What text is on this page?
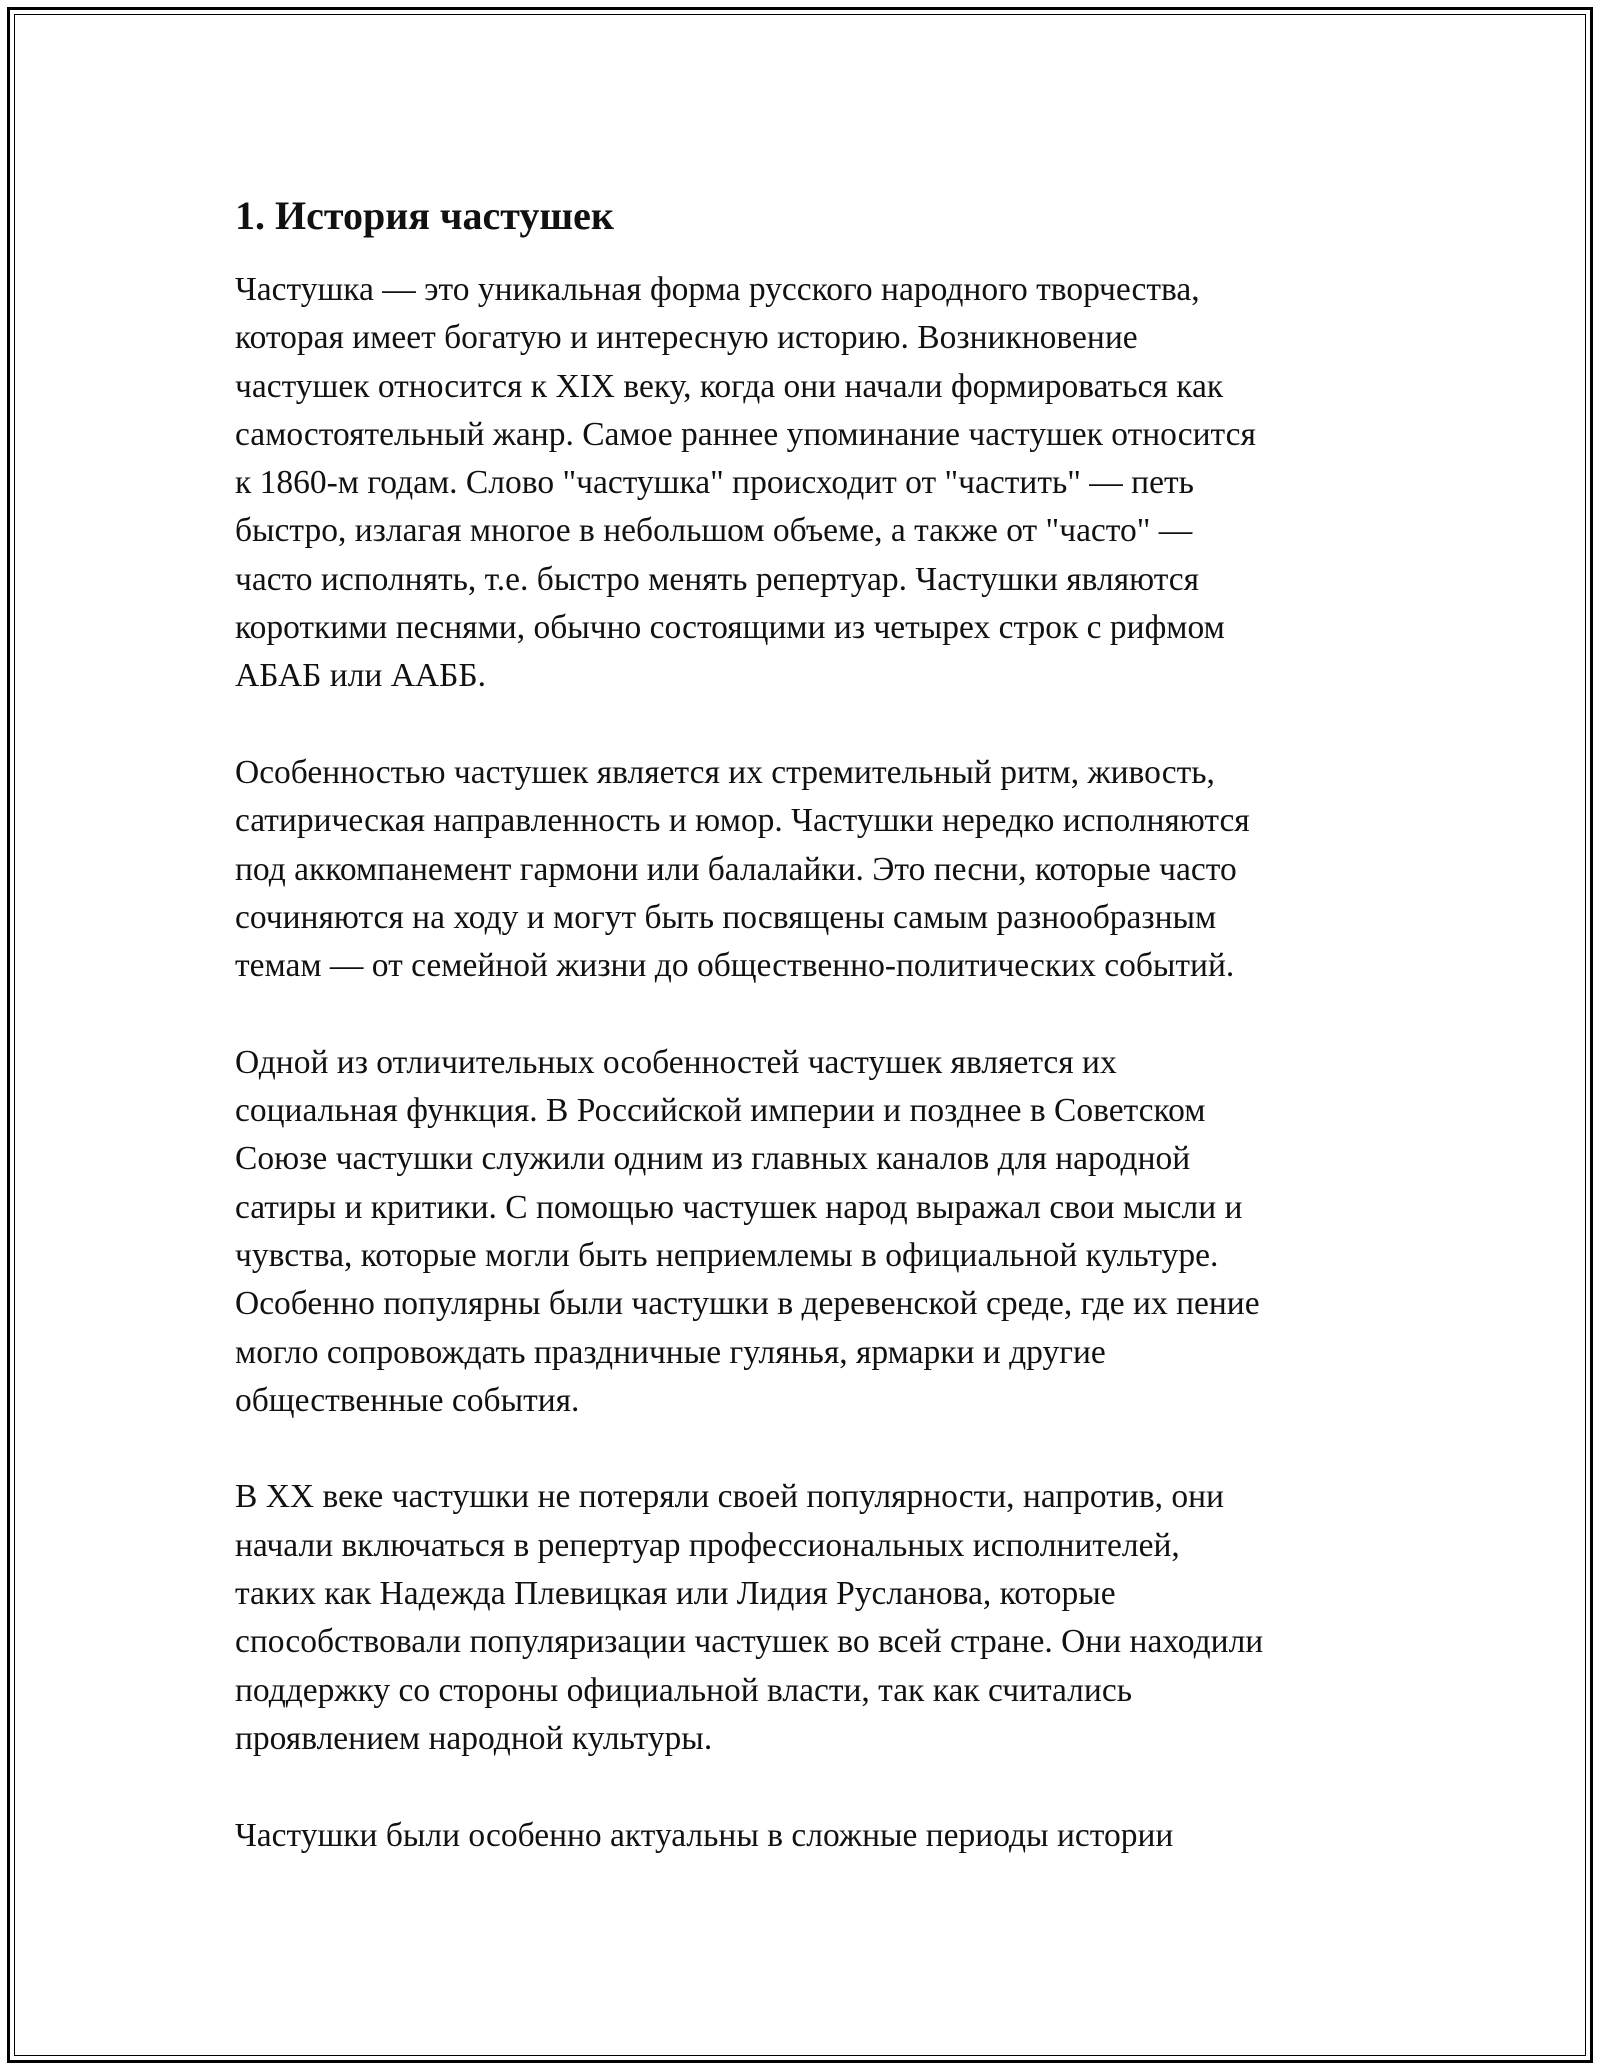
1. История частушек

Частушка — это уникальная форма русского народного творчества,
которая имеет богатую и интересную историю. Возникновение
частушек относится к XIX веку, когда они начали формироваться как
самостоятельный жанр. Самое раннее упоминание частушек относится
к 1860-м годам. Слово "частушка" происходит от "частить" — петь
быстро, излагая многое в небольшом объеме, а также от "часто" —
часто исполнять, т.е. быстро менять репертуар. Частушки являются
короткими песнями, обычно состоящими из четырех строк с рифмом
АБАБ или ААББ.

Особенностью частушек является их стремительный ритм, живость,
сатирическая направленность и юмор. Частушки нередко исполняются
под аккомпанемент гармони или балалайки. Это песни, которые часто
сочиняются на ходу и могут быть посвящены самым разнообразным
темам — от семейной жизни до общественно-политических событий.

Одной из отличительных особенностей частушек является их
социальная функция. В Российской империи и позднее в Советском
Союзе частушки служили одним из главных каналов для народной
сатиры и критики. С помощью частушек народ выражал свои мысли и
чувства, которые могли быть неприемлемы в официальной культуре.
Особенно популярны были частушки в деревенской среде, где их пение
могло сопровождать праздничные гулянья, ярмарки и другие
общественные события.

В XX веке частушки не потеряли своей популярности, напротив, они
начали включаться в репертуар профессиональных исполнителей,
таких как Надежда Плевицкая или Лидия Русланова, которые
способствовали популяризации частушек во всей стране. Они находили
поддержку со стороны официальной власти, так как считались
проявлением народной культуры.

Частушки были особенно актуальны в сложные периоды истории
